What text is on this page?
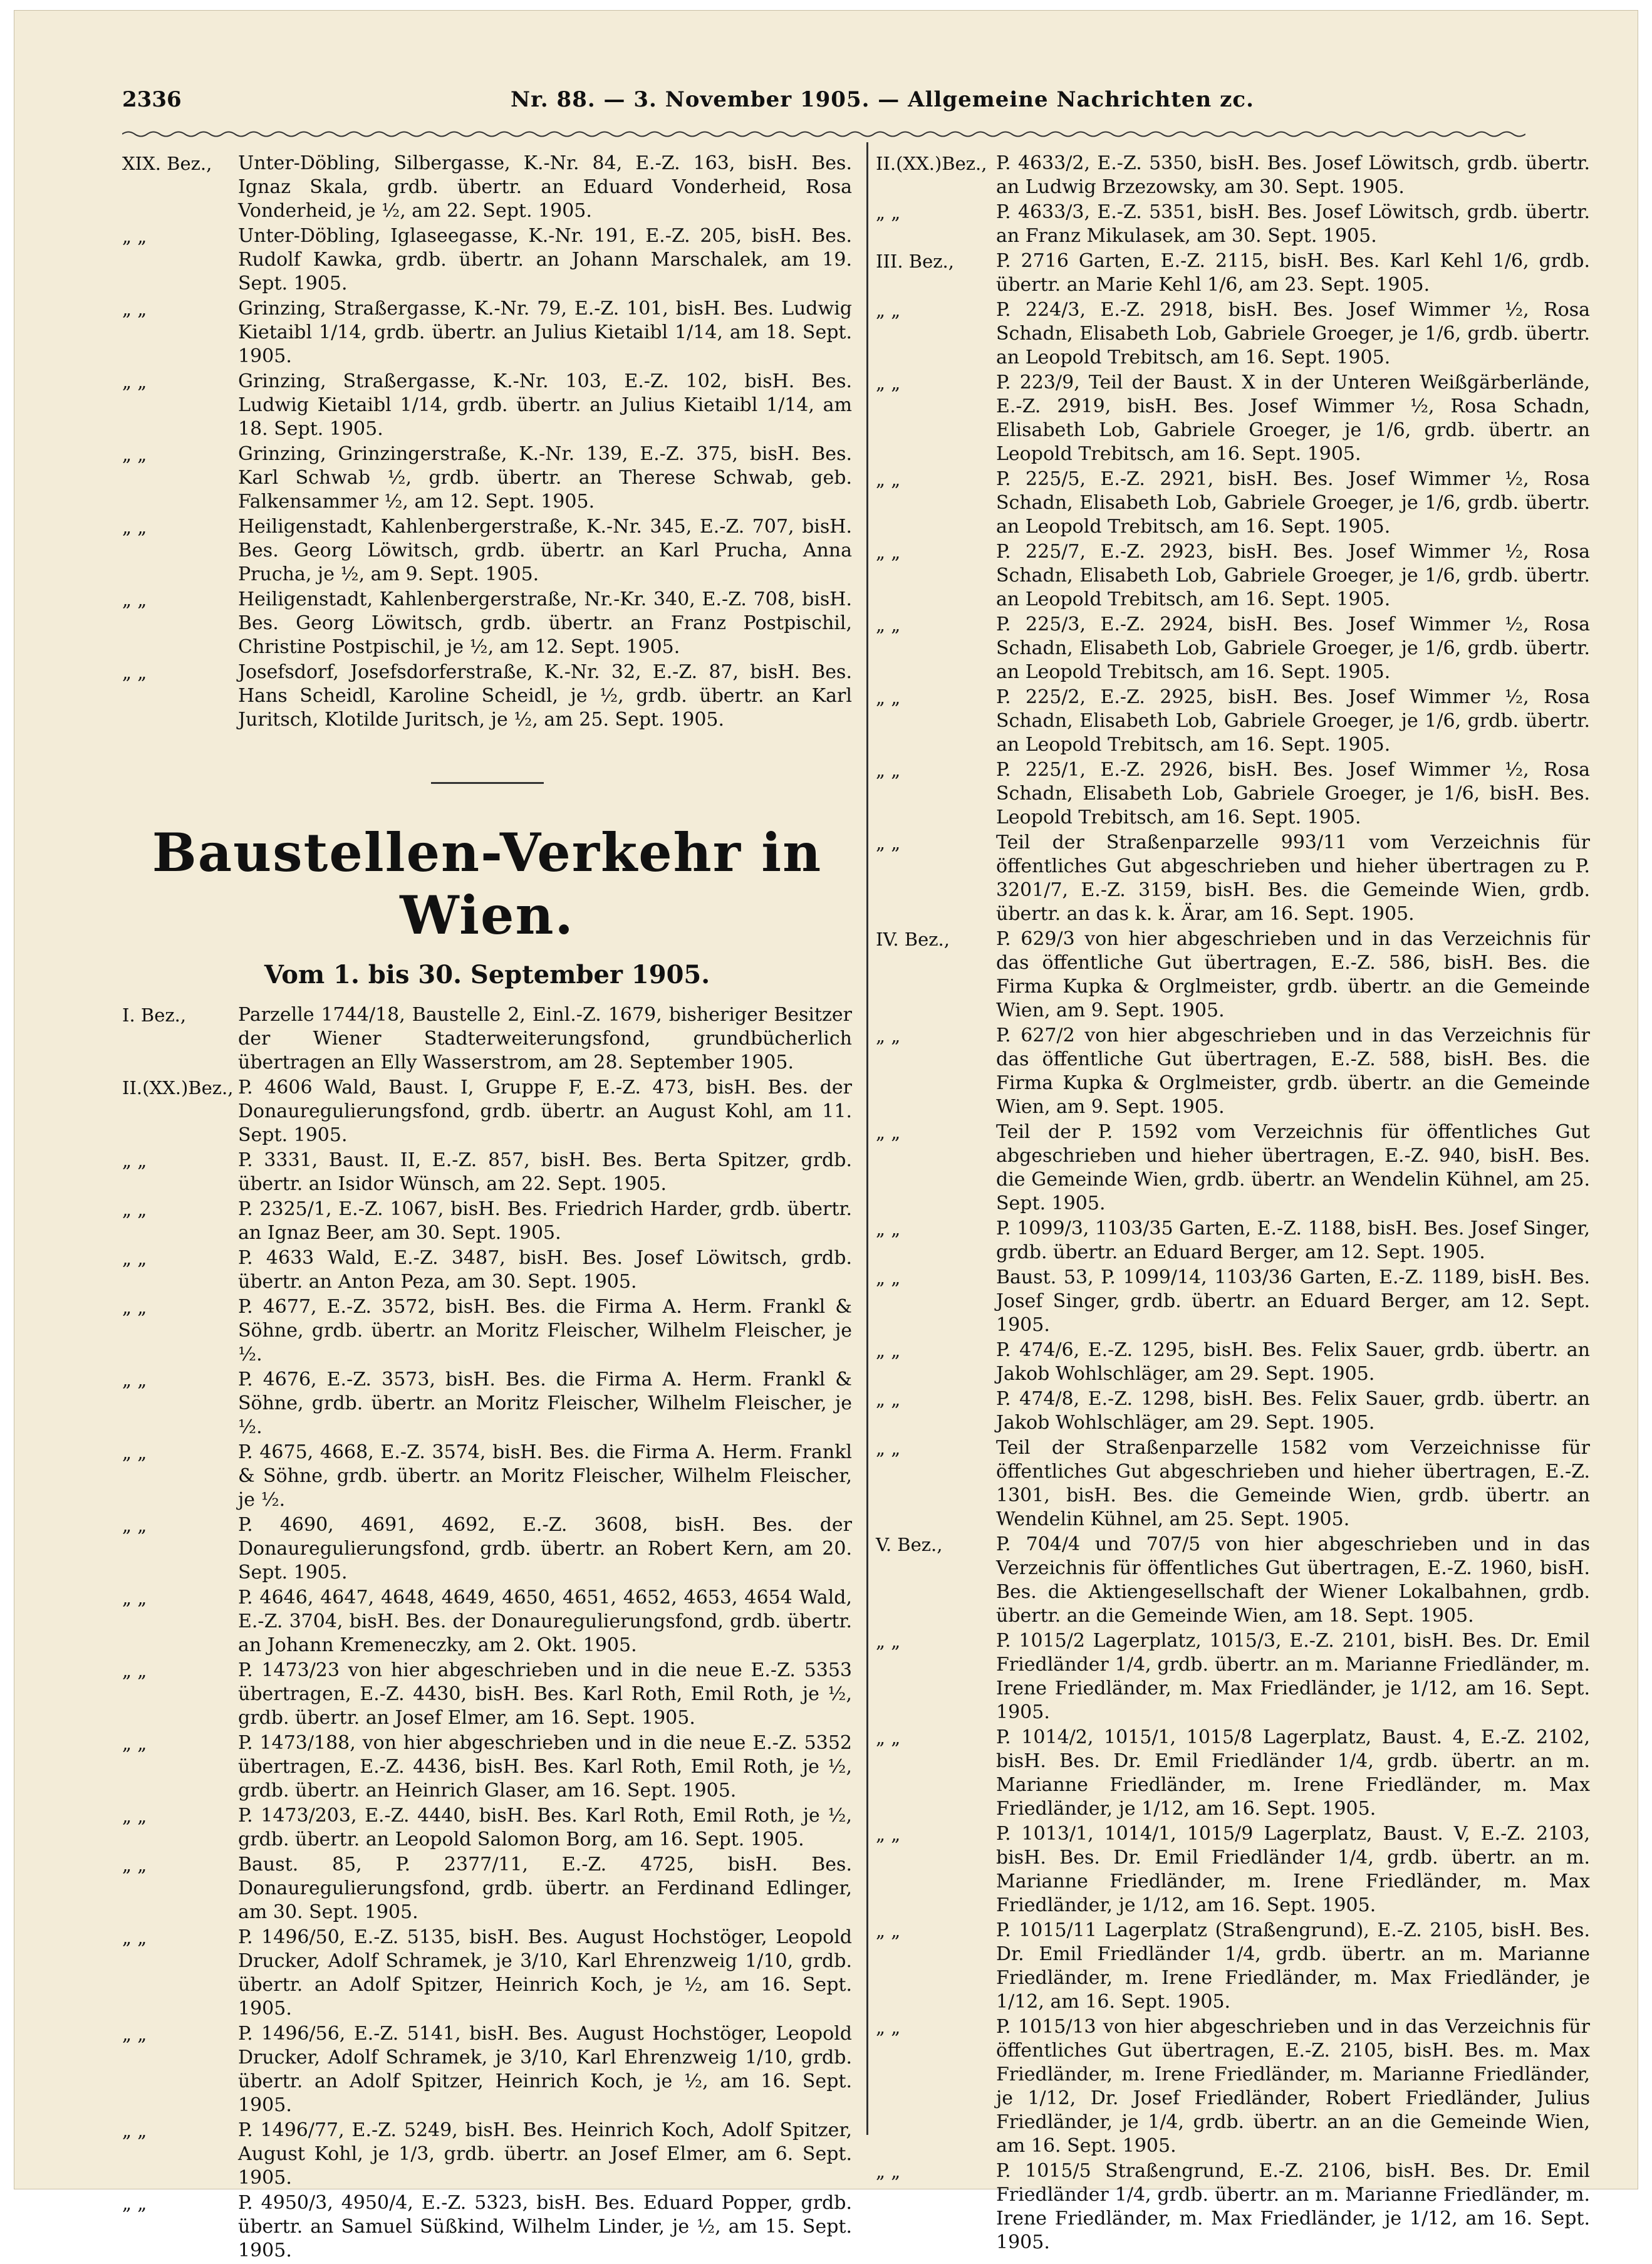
2336	Nr. 88. — 3. November 1905. — Allgemeine Nachrichten zc.
XIX. Bez.,	Unter-Döbling, Silbergasse, K.-Nr. 84, E.-Z. 163, bisH. Bes. Ignaz Skala, grdb. übertr. an Eduard Vonderheid, Rosa Vonderheid, je ½, am 22. Sept. 1905.
„ „	Unter-Döbling, Iglaseegasse, K.-Nr. 191, E.-Z. 205, bisH. Bes. Rudolf Kawka, grdb. übertr. an Johann Marschalek, am 19. Sept. 1905.
„ „	Grinzing, Straßergasse, K.-Nr. 79, E.-Z. 101, bisH. Bes. Ludwig Kietaibl 1/14, grdb. übertr. an Julius Kietaibl 1/14, am 18. Sept. 1905.
„ „	Grinzing, Straßergasse, K.-Nr. 103, E.-Z. 102, bisH. Bes. Ludwig Kietaibl 1/14, grdb. übertr. an Julius Kietaibl 1/14, am 18. Sept. 1905.
„ „	Grinzing, Grinzingerstraße, K.-Nr. 139, E.-Z. 375, bisH. Bes. Karl Schwab ½, grdb. übertr. an Therese Schwab, geb. Falkensammer ½, am 12. Sept. 1905.
„ „	Heiligenstadt, Kahlenbergerstraße, K.-Nr. 345, E.-Z. 707, bisH. Bes. Georg Löwitsch, grdb. übertr. an Karl Prucha, Anna Prucha, je ½, am 9. Sept. 1905.
„ „	Heiligenstadt, Kahlenbergerstraße, Nr.-Kr. 340, E.-Z. 708, bisH. Bes. Georg Löwitsch, grdb. übertr. an Franz Postpischil, Christine Postpischil, je ½, am 12. Sept. 1905.
„ „	Josefsdorf, Josefsdorferstraße, K.-Nr. 32, E.-Z. 87, bisH. Bes. Hans Scheidl, Karoline Scheidl, je ½, grdb. übertr. an Karl Juritsch, Klotilde Juritsch, je ½, am 25. Sept. 1905.
Baustellen-Verkehr in Wien.
Vom 1. bis 30. September 1905.
I. Bez.,	Parzelle 1744/18, Baustelle 2, Einl.-Z. 1679, bisheriger Besitzer der Wiener Stadterweiterungsfond, grundbücherlich übertragen an Elly Wasserstrom, am 28. September 1905.
II.(XX.)Bez., P. 4606 Wald, Baust. I, Gruppe F, E.-Z. 473, bisH. Bes. der Donauregulierungsfond, grdb. übertr. an August Kohl, am 11. Sept. 1905.
„ „	P. 3331, Baust. II, E.-Z. 857, bisH. Bes. Berta Spitzer, grdb. übertr. an Isidor Wünsch, am 22. Sept. 1905.
„ „	P. 2325/1, E.-Z. 1067, bisH. Bes. Friedrich Harder, grdb. übertr. an Ignaz Beer, am 30. Sept. 1905.
„ „	P. 4633 Wald, E.-Z. 3487, bisH. Bes. Josef Löwitsch, grdb. übertr. an Anton Peza, am 30. Sept. 1905.
„ „	P. 4677, E.-Z. 3572, bisH. Bes. die Firma A. Herm. Frankl & Söhne, grdb. übertr. an Moritz Fleischer, Wilhelm Fleischer, je ½.
„ „	P. 4676, E.-Z. 3573, bisH. Bes. die Firma A. Herm. Frankl & Söhne, grdb. übertr. an Moritz Fleischer, Wilhelm Fleischer, je ½.
„ „	P. 4675, 4668, E.-Z. 3574, bisH. Bes. die Firma A. Herm. Frankl & Söhne, grdb. übertr. an Moritz Fleischer, Wilhelm Fleischer, je ½.
„ „	P. 4690, 4691, 4692, E.-Z. 3608, bisH. Bes. der Donauregulierungsfond, grdb. übertr. an Robert Kern, am 20. Sept. 1905.
„ „	P. 4646, 4647, 4648, 4649, 4650, 4651, 4652, 4653, 4654 Wald, E.-Z. 3704, bisH. Bes. der Donauregulierungsfond, grdb. übertr. an Johann Kremeneczky, am 2. Okt. 1905.
„ „	P. 1473/23 von hier abgeschrieben und in die neue E.-Z. 5353 übertragen, E.-Z. 4430, bisH. Bes. Karl Roth, Emil Roth, je ½, grdb. übertr. an Josef Elmer, am 16. Sept. 1905.
„ „	P. 1473/188, von hier abgeschrieben und in die neue E.-Z. 5352 übertragen, E.-Z. 4436, bisH. Bes. Karl Roth, Emil Roth, je ½, grdb. übertr. an Heinrich Glaser, am 16. Sept. 1905.
„ „	P. 1473/203, E.-Z. 4440, bisH. Bes. Karl Roth, Emil Roth, je ½, grdb. übertr. an Leopold Salomon Borg, am 16. Sept. 1905.
„ „	Baust. 85, P. 2377/11, E.-Z. 4725, bisH. Bes. Donauregulierungsfond, grdb. übertr. an Ferdinand Edlinger, am 30. Sept. 1905.
„ „	P. 1496/50, E.-Z. 5135, bisH. Bes. August Hochstöger, Leopold Drucker, Adolf Schramek, je 3/10, Karl Ehrenzweig 1/10, grdb. übertr. an Adolf Spitzer, Heinrich Koch, je ½, am 16. Sept. 1905.
„ „	P. 1496/56, E.-Z. 5141, bisH. Bes. August Hochstöger, Leopold Drucker, Adolf Schramek, je 3/10, Karl Ehrenzweig 1/10, grdb. übertr. an Adolf Spitzer, Heinrich Koch, je ½, am 16. Sept. 1905.
„ „	P. 1496/77, E.-Z. 5249, bisH. Bes. Heinrich Koch, Adolf Spitzer, August Kohl, je 1/3, grdb. übertr. an Josef Elmer, am 6. Sept. 1905.
„ „	P. 4950/3, 4950/4, E.-Z. 5323, bisH. Bes. Eduard Popper, grdb. übertr. an Samuel Süßkind, Wilhelm Linder, je ½, am 15. Sept. 1905.
II.(XX.)Bez., P. 4633/2, E.-Z. 5350, bisH. Bes. Josef Löwitsch, grdb. übertr. an Ludwig Brzezowsky, am 30. Sept. 1905.
„ „	P. 4633/3, E.-Z. 5351, bisH. Bes. Josef Löwitsch, grdb. übertr. an Franz Mikulasek, am 30. Sept. 1905.
III. Bez.,	P. 2716 Garten, E.-Z. 2115, bisH. Bes. Karl Kehl 1/6, grdb. übertr. an Marie Kehl 1/6, am 23. Sept. 1905.
„ „	P. 224/3, E.-Z. 2918, bisH. Bes. Josef Wimmer ½, Rosa Schadn, Elisabeth Lob, Gabriele Groeger, je 1/6, grdb. übertr. an Leopold Trebitsch, am 16. Sept. 1905.
„ „	P. 223/9, Teil der Baust. X in der Unteren Weißgärberlände, E.-Z. 2919, bisH. Bes. Josef Wimmer ½, Rosa Schadn, Elisabeth Lob, Gabriele Groeger, je 1/6, grdb. übertr. an Leopold Trebitsch, am 16. Sept. 1905.
„ „	P. 225/5, E.-Z. 2921, bisH. Bes. Josef Wimmer ½, Rosa Schadn, Elisabeth Lob, Gabriele Groeger, je 1/6, grdb. übertr. an Leopold Trebitsch, am 16. Sept. 1905.
„ „	P. 225/7, E.-Z. 2923, bisH. Bes. Josef Wimmer ½, Rosa Schadn, Elisabeth Lob, Gabriele Groeger, je 1/6, grdb. übertr. an Leopold Trebitsch, am 16. Sept. 1905.
„ „	P. 225/3, E.-Z. 2924, bisH. Bes. Josef Wimmer ½, Rosa Schadn, Elisabeth Lob, Gabriele Groeger, je 1/6, grdb. übertr. an Leopold Trebitsch, am 16. Sept. 1905.
„ „	P. 225/2, E.-Z. 2925, bisH. Bes. Josef Wimmer ½, Rosa Schadn, Elisabeth Lob, Gabriele Groeger, je 1/6, grdb. übertr. an Leopold Trebitsch, am 16. Sept. 1905.
„ „	P. 225/1, E.-Z. 2926, bisH. Bes. Josef Wimmer ½, Rosa Schadn, Elisabeth Lob, Gabriele Groeger, je 1/6, bisH. Bes. Leopold Trebitsch, am 16. Sept. 1905.
„ „	Teil der Straßenparzelle 993/11 vom Verzeichnis für öffentliches Gut abgeschrieben und hieher übertragen zu P. 3201/7, E.-Z. 3159, bisH. Bes. die Gemeinde Wien, grdb. übertr. an das k. k. Ärar, am 16. Sept. 1905.
IV. Bez.,	P. 629/3 von hier abgeschrieben und in das Verzeichnis für das öffentliche Gut übertragen, E.-Z. 586, bisH. Bes. die Firma Kupka & Orglmeister, grdb. übertr. an die Gemeinde Wien, am 9. Sept. 1905.
„ „	P. 627/2 von hier abgeschrieben und in das Verzeichnis für das öffentliche Gut übertragen, E.-Z. 588, bisH. Bes. die Firma Kupka & Orglmeister, grdb. übertr. an die Gemeinde Wien, am 9. Sept. 1905.
„ „	Teil der P. 1592 vom Verzeichnis für öffentliches Gut abgeschrieben und hieher übertragen, E.-Z. 940, bisH. Bes. die Gemeinde Wien, grdb. übertr. an Wendelin Kühnel, am 25. Sept. 1905.
„ „	P. 1099/3, 1103/35 Garten, E.-Z. 1188, bisH. Bes. Josef Singer, grdb. übertr. an Eduard Berger, am 12. Sept. 1905.
„ „	Baust. 53, P. 1099/14, 1103/36 Garten, E.-Z. 1189, bisH. Bes. Josef Singer, grdb. übertr. an Eduard Berger, am 12. Sept. 1905.
„ „	P. 474/6, E.-Z. 1295, bisH. Bes. Felix Sauer, grdb. übertr. an Jakob Wohlschläger, am 29. Sept. 1905.
„ „	P. 474/8, E.-Z. 1298, bisH. Bes. Felix Sauer, grdb. übertr. an Jakob Wohlschläger, am 29. Sept. 1905.
„ „	Teil der Straßenparzelle 1582 vom Verzeichnisse für öffentliches Gut abgeschrieben und hieher übertragen, E.-Z. 1301, bisH. Bes. die Gemeinde Wien, grdb. übertr. an Wendelin Kühnel, am 25. Sept. 1905.
V. Bez.,	P. 704/4 und 707/5 von hier abgeschrieben und in das Verzeichnis für öffentliches Gut übertragen, E.-Z. 1960, bisH. Bes. die Aktiengesellschaft der Wiener Lokalbahnen, grdb. übertr. an die Gemeinde Wien, am 18. Sept. 1905.
„ „	P. 1015/2 Lagerplatz, 1015/3, E.-Z. 2101, bisH. Bes. Dr. Emil Friedländer 1/4, grdb. übertr. an m. Marianne Friedländer, m. Irene Friedländer, m. Max Friedländer, je 1/12, am 16. Sept. 1905.
„ „	P. 1014/2, 1015/1, 1015/8 Lagerplatz, Baust. 4, E.-Z. 2102, bisH. Bes. Dr. Emil Friedländer 1/4, grdb. übertr. an m. Marianne Friedländer, m. Irene Friedländer, m. Max Friedländer, je 1/12, am 16. Sept. 1905.
„ „	P. 1013/1, 1014/1, 1015/9 Lagerplatz, Baust. V, E.-Z. 2103, bisH. Bes. Dr. Emil Friedländer 1/4, grdb. übertr. an m. Marianne Friedländer, m. Irene Friedländer, m. Max Friedländer, je 1/12, am 16. Sept. 1905.
„ „	P. 1015/11 Lagerplatz (Straßengrund), E.-Z. 2105, bisH. Bes. Dr. Emil Friedländer 1/4, grdb. übertr. an m. Marianne Friedländer, m. Irene Friedländer, m. Max Friedländer, je 1/12, am 16. Sept. 1905.
„ „	P. 1015/13 von hier abgeschrieben und in das Verzeichnis für öffentliches Gut übertragen, E.-Z. 2105, bisH. Bes. m. Max Friedländer, m. Irene Friedländer, m. Marianne Friedländer, je 1/12, Dr. Josef Friedländer, Robert Friedländer, Julius Friedländer, je 1/4, grdb. übertr. an an die Gemeinde Wien, am 16. Sept. 1905.
„ „	P. 1015/5 Straßengrund, E.-Z. 2106, bisH. Bes. Dr. Emil Friedländer 1/4, grdb. übertr. an m. Marianne Friedländer, m. Irene Friedländer, m. Max Friedländer, je 1/12, am 16. Sept. 1905.
